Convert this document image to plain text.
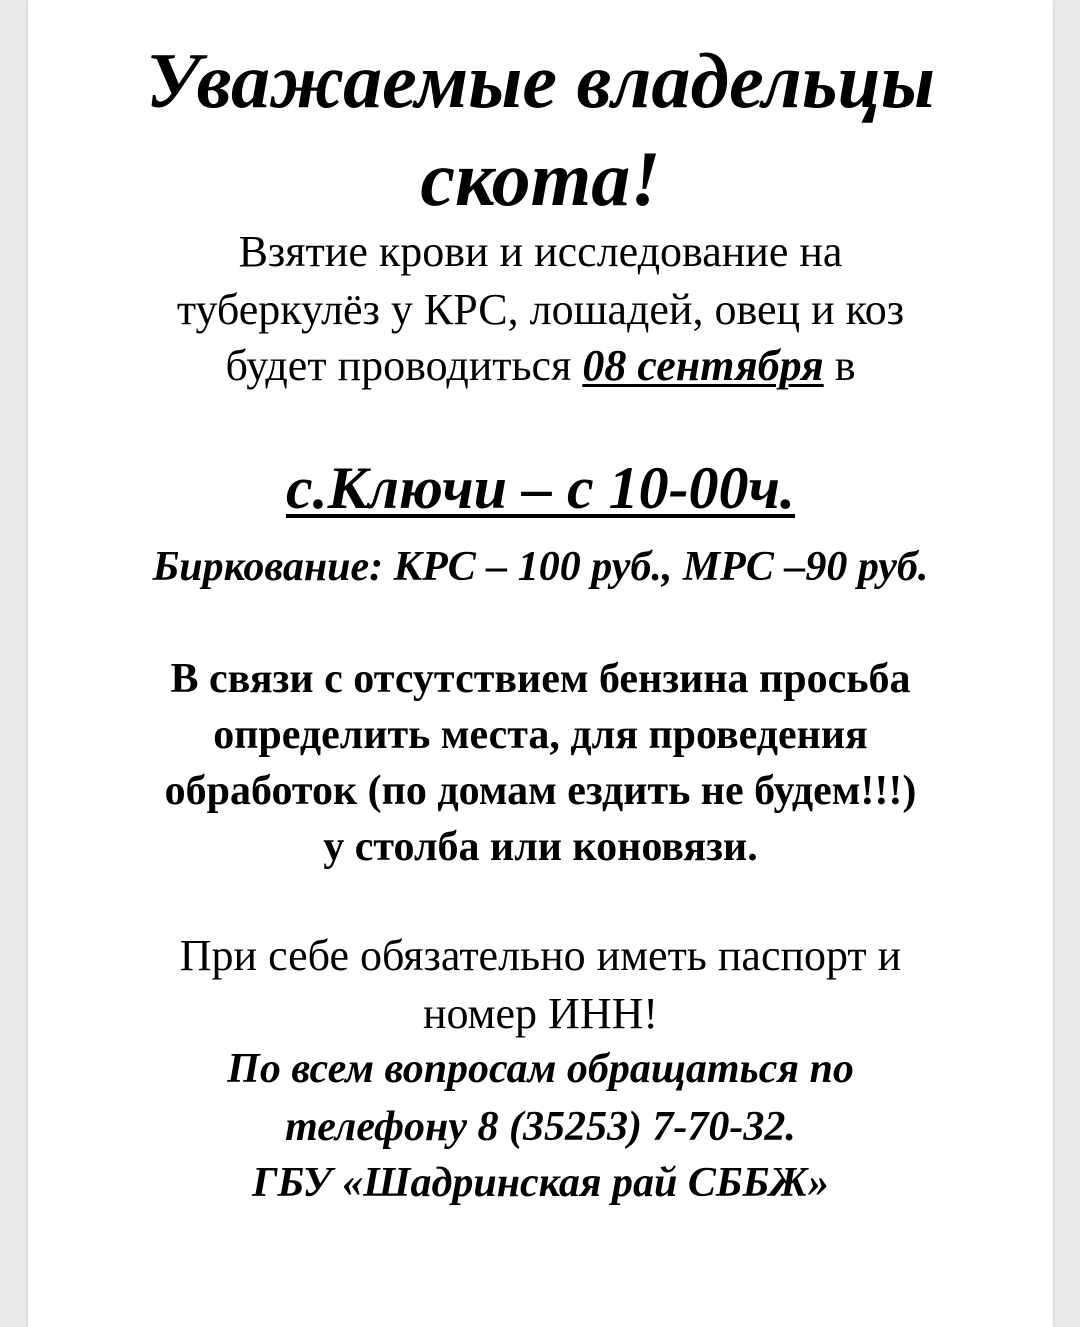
Уважаемые владельцы
скота!
Взятие крови и исследование на
туберкулёз у КРС, лошадей, овец и коз
будет проводиться 08 сентября в
с.Ключи – с 10-00ч.
Биркование: КРС – 100 руб., МРС –90 руб.
В связи с отсутствием бензина просьба
определить места, для проведения
обработок (по домам ездить не будем!!!)
у столба или коновязи.
При себе обязательно иметь паспорт и
номер ИНН!
По всем вопросам обращаться по
телефону 8 (35253) 7-70-32.
ГБУ «Шадринская рай СББЖ»
